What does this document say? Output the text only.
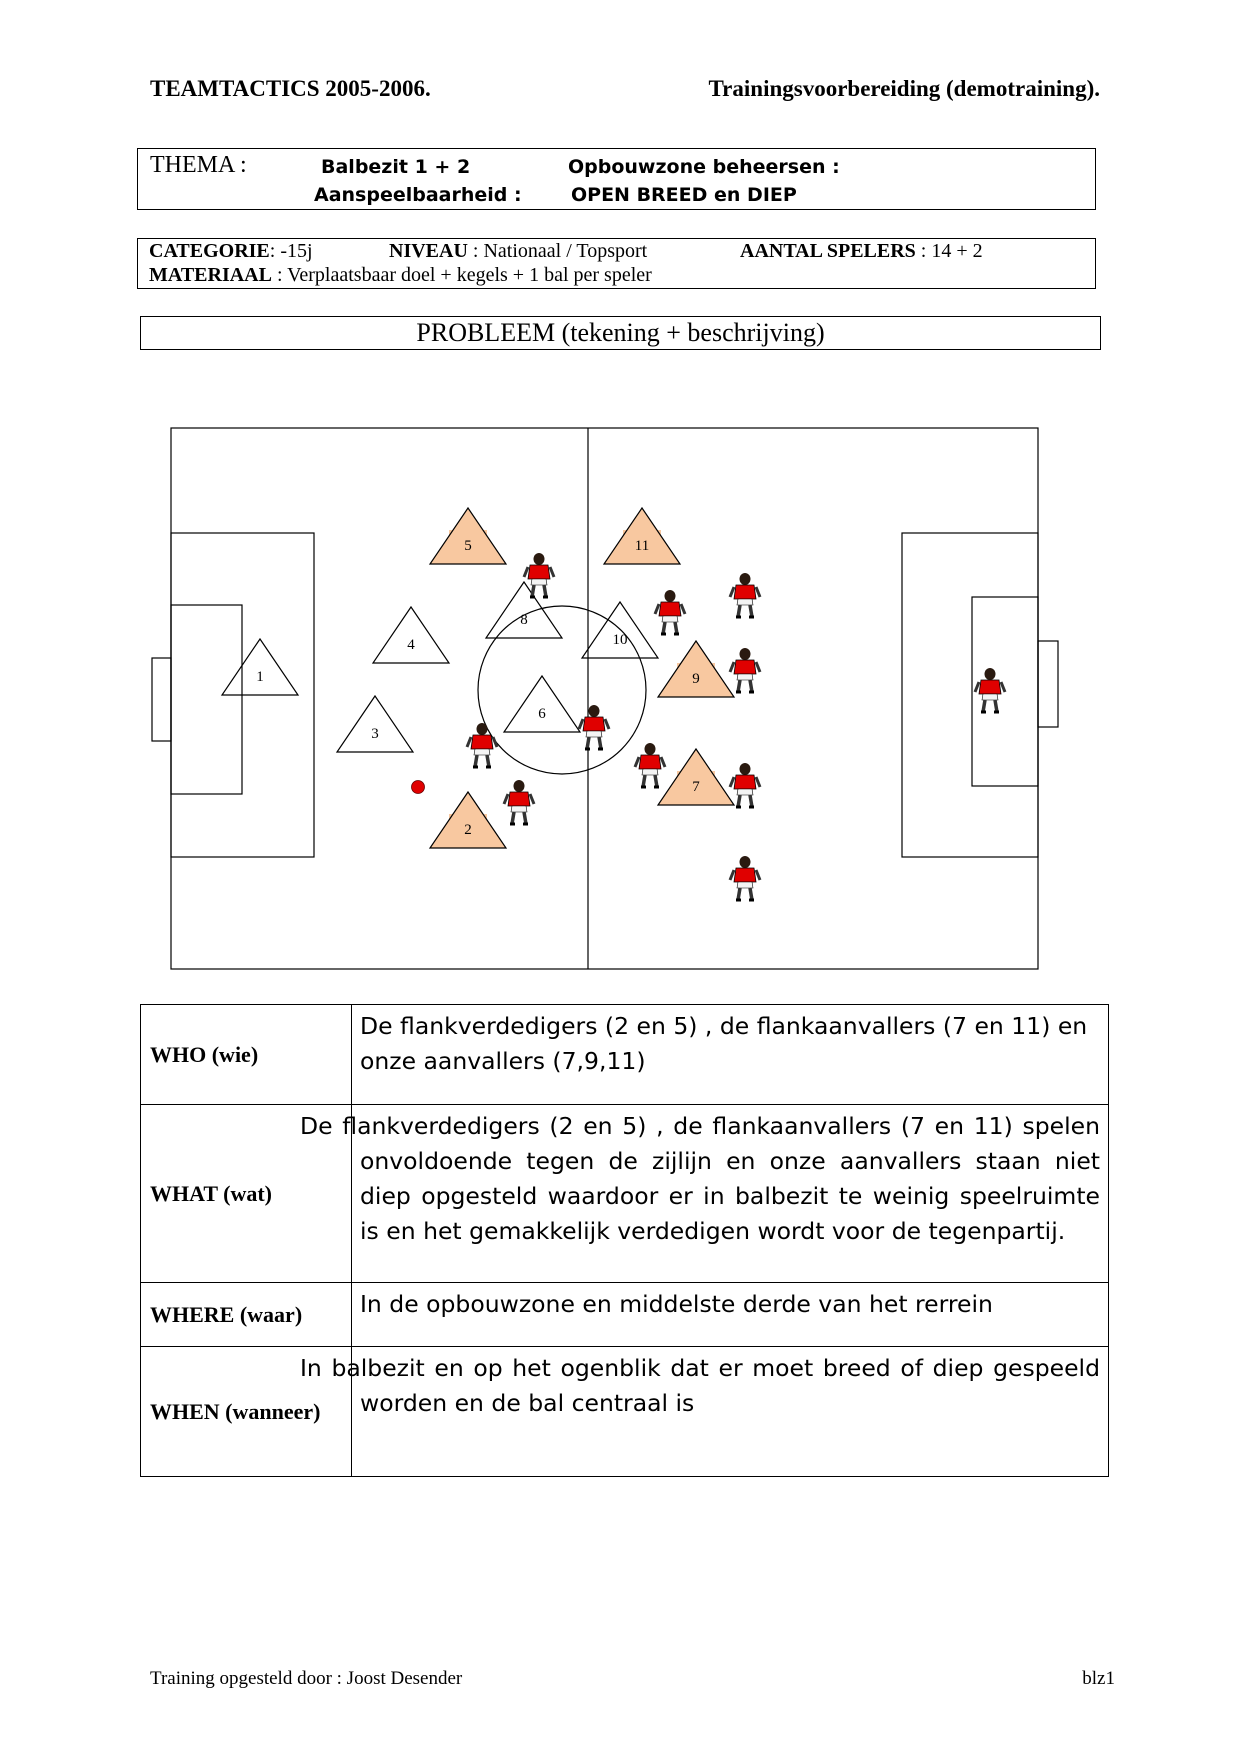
TEAMTACTICS 2005-2006.	Trainingsvoorbereiding (demotraining).
THEMA :	Balbezit 1 + 2	Opbouwzone beheersen :
Aanspeelbaarheid :	OPEN BREED en DIEP
CATEGORIE: -15j	NIVEAU : Nationaal / Topsport	AANTAL SPELERS : 14 + 2
MATERIAAL : Verplaatsbaar doel + kegels + 1 bal per speler
PROBLEEM (tekening + beschrijving)
1
2
3
4
5
6
7
8
9
10
11
WHO (wie)	De flankverdedigers (2 en 5) , de flankaanvallers (7 en 11) en onze aanvallers (7,9,11)
WHAT (wat)	De flankverdedigers (2 en 5) , de flankaanvallers (7 en 11) spelen onvoldoende tegen de zijlijn en onze aanvallers staan niet diep opgesteld waardoor er in balbezit te weinig speelruimte is en het gemakkelijk verdedigen wordt voor de tegenpartij.
WHERE (waar)	In de opbouwzone en middelste derde van het rerrein
WHEN (wanneer)	In balbezit en op het ogenblik dat er moet breed of diep gespeeld worden en de bal centraal is
Training opgesteld door : Joost Desender	blz1
